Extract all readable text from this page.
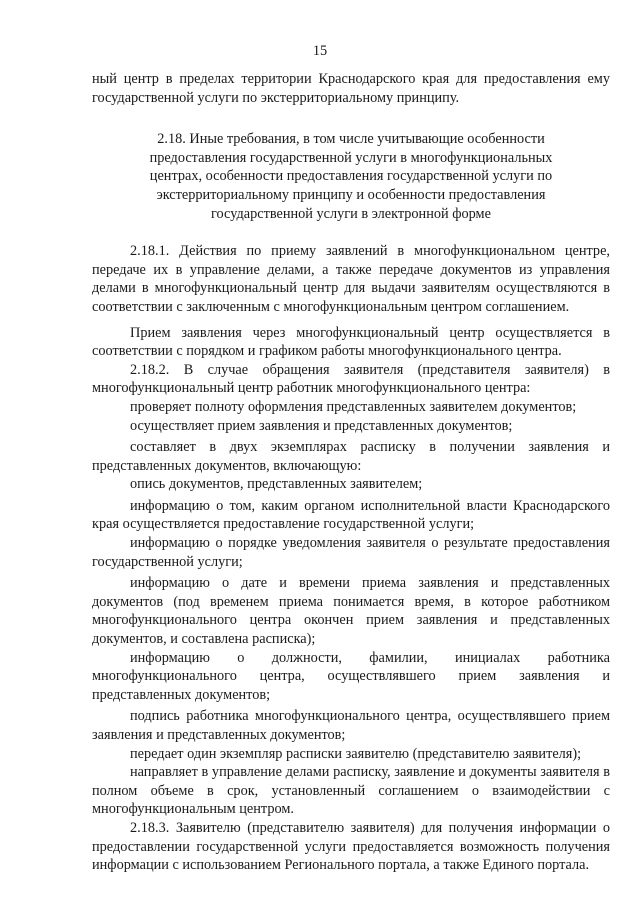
15

ный центр в пределах территории Краснодарского края для предоставления ему государственной услуги по экстерриториальному принципу.

2.18. Иные требования, в том числе учитывающие особенности предоставления государственной услуги в многофункциональных центрах, особенности предоставления государственной услуги по экстерриториальному принципу и особенности предоставления государственной услуги в электронной форме

2.18.1. Действия по приему заявлений в многофункциональном центре, передаче их в управление делами, а также передаче документов из управления делами в многофункциональный центр для выдачи заявителям осуществляются в соответствии с заключенным с многофункциональным центром соглашением.

Прием заявления через многофункциональный центр осуществляется в соответствии с порядком и графиком работы многофункционального центра.

2.18.2. В случае обращения заявителя (представителя заявителя) в многофункциональный центр работник многофункционального центра:

проверяет полноту оформления представленных заявителем документов;

осуществляет прием заявления и представленных документов;

составляет в двух экземплярах расписку в получении заявления и представленных документов, включающую:

опись документов, представленных заявителем;

информацию о том, каким органом исполнительной власти Краснодарского края осуществляется предоставление государственной услуги;

информацию о порядке уведомления заявителя о результате предоставления государственной услуги;

информацию о дате и времени приема заявления и представленных документов (под временем приема понимается время, в которое работником многофункционального центра окончен прием заявления и представленных документов, и составлена расписка);

информацию о должности, фамилии, инициалах работника многофункционального центра, осуществлявшего прием заявления и представленных документов;

подпись работника многофункционального центра, осуществлявшего прием заявления и представленных документов;

передает один экземпляр расписки заявителю (представителю заявителя);

направляет в управление делами расписку, заявление и документы заявителя в полном объеме в срок, установленный соглашением о взаимодействии с многофункциональным центром.

2.18.3. Заявителю (представителю заявителя) для получения информации о предоставлении государственной услуги предоставляется возможность получения информации с использованием Регионального портала, а также Единого портала.
